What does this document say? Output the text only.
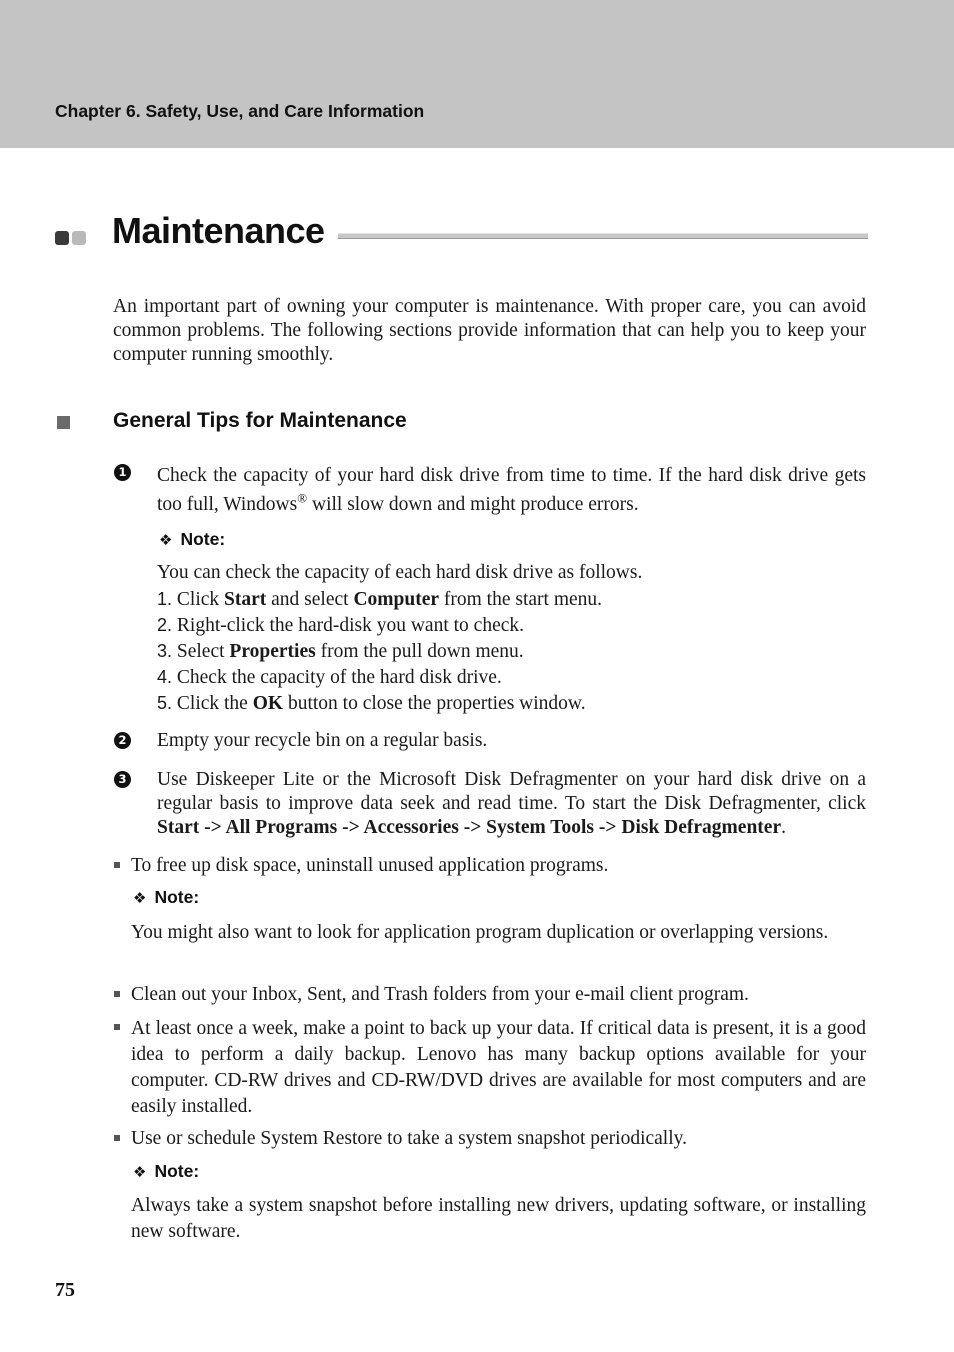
Chapter 6. Safety, Use, and Care Information
Maintenance
An important part of owning your computer is maintenance. With proper care, you can avoid common problems. The following sections provide information that can help you to keep your computer running smoothly.
General Tips for Maintenance
1 Check the capacity of your hard disk drive from time to time. If the hard disk drive gets too full, Windows® will slow down and might produce errors.
❖ Note:
You can check the capacity of each hard disk drive as follows.
1. Click Start and select Computer from the start menu.
2. Right-click the hard-disk you want to check.
3. Select Properties from the pull down menu.
4. Check the capacity of the hard disk drive.
5. Click the OK button to close the properties window.
2 Empty your recycle bin on a regular basis.
3 Use Diskeeper Lite or the Microsoft Disk Defragmenter on your hard disk drive on a regular basis to improve data seek and read time. To start the Disk Defragmenter, click Start -> All Programs -> Accessories -> System Tools -> Disk Defragmenter.
To free up disk space, uninstall unused application programs.
❖ Note:
You might also want to look for application program duplication or overlapping versions.
Clean out your Inbox, Sent, and Trash folders from your e-mail client program.
At least once a week, make a point to back up your data. If critical data is present, it is a good idea to perform a daily backup. Lenovo has many backup options available for your computer. CD-RW drives and CD-RW/DVD drives are available for most computers and are easily installed.
Use or schedule System Restore to take a system snapshot periodically.
❖ Note:
Always take a system snapshot before installing new drivers, updating software, or installing new software.
75
